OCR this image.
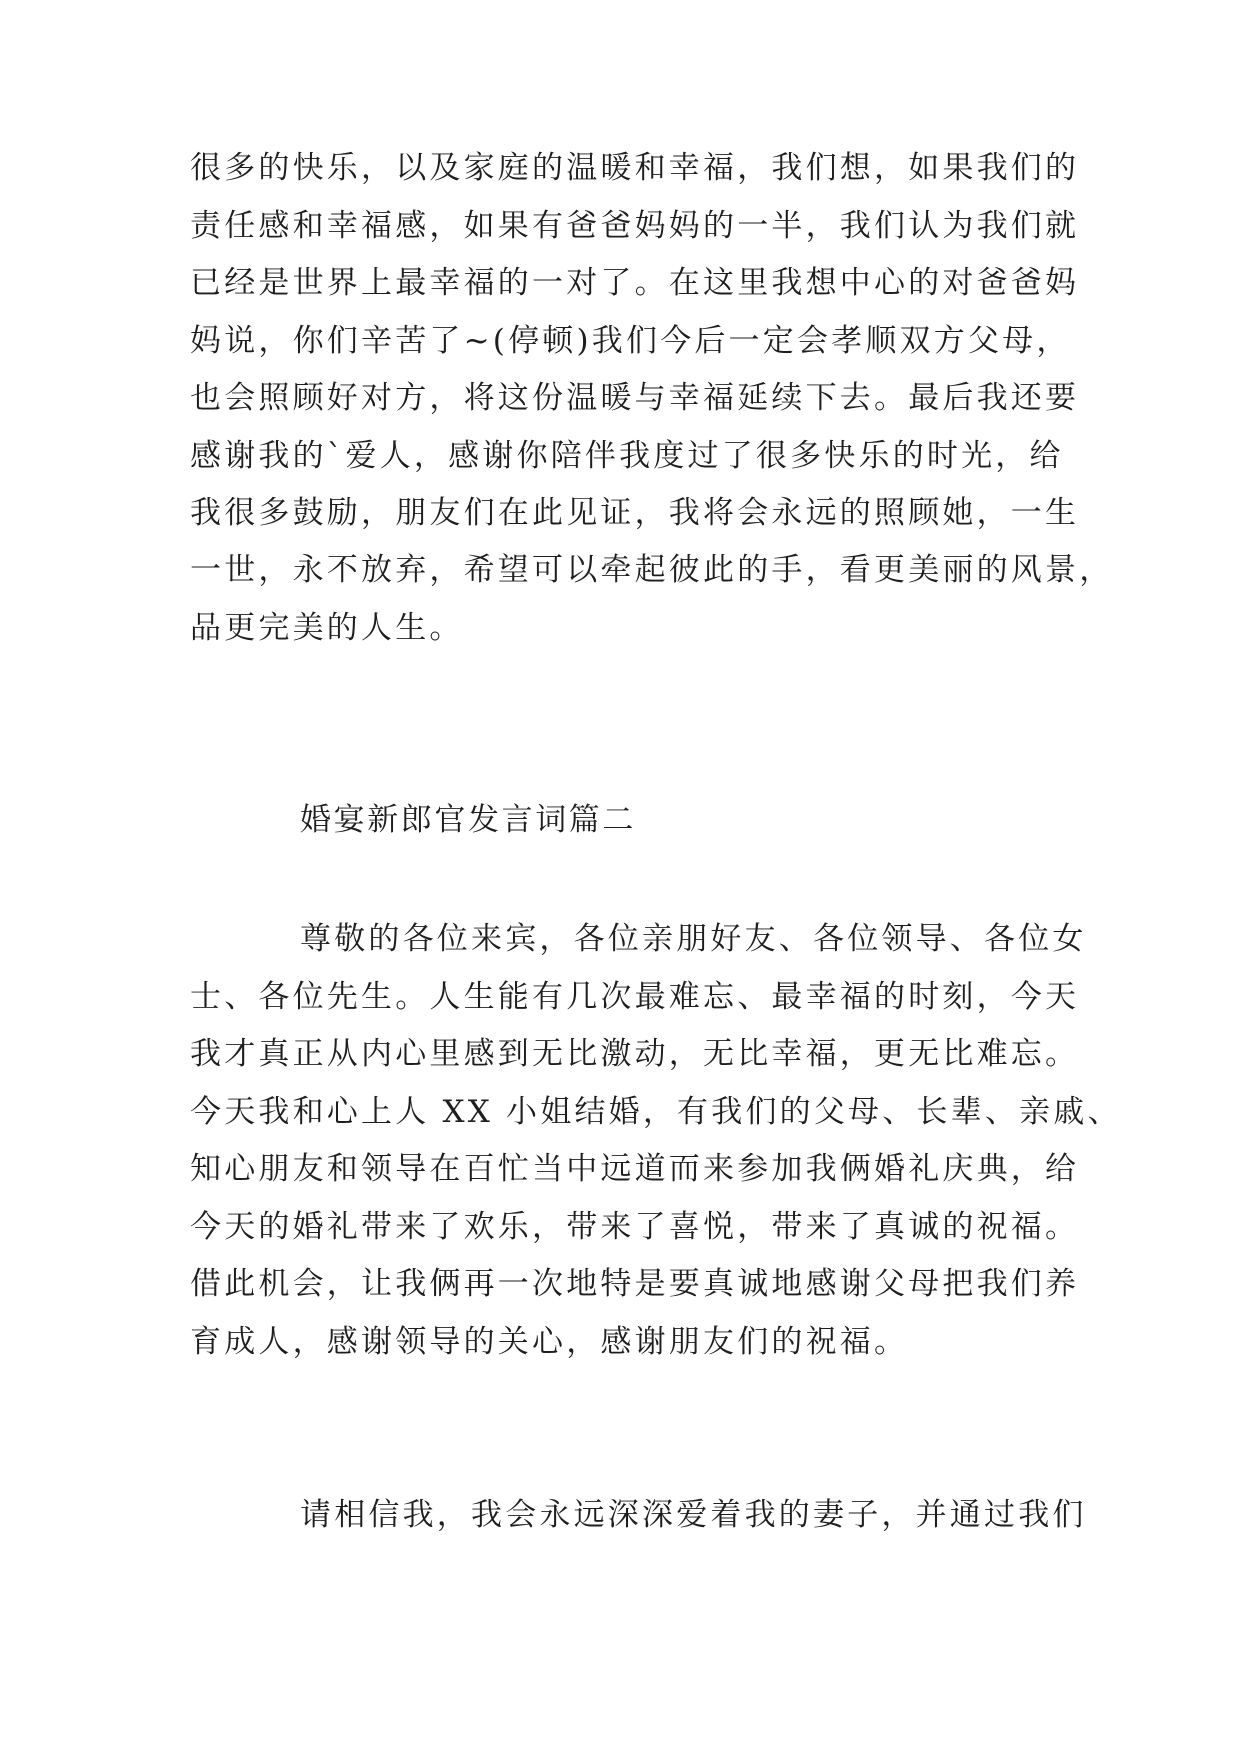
很多的快乐，以及家庭的温暖和幸福，我们想，如果我们的
责任感和幸福感，如果有爸爸妈妈的一半，我们认为我们就
已经是世界上最幸福的一对了。在这里我想中心的对爸爸妈
妈说，你们辛苦了~(停顿)我们今后一定会孝顺双方父母，
也会照顾好对方，将这份温暖与幸福延续下去。最后我还要
感谢我的`爱人，感谢你陪伴我度过了很多快乐的时光，给
我很多鼓励，朋友们在此见证，我将会永远的照顾她，一生
一世，永不放弃，希望可以牵起彼此的手，看更美丽的风景，
品更完美的人生。
婚宴新郎官发言词篇二
尊敬的各位来宾，各位亲朋好友、各位领导、各位女
士、各位先生。人生能有几次最难忘、最幸福的时刻，今天
我才真正从内心里感到无比激动，无比幸福，更无比难忘。
今天我和心上人 XX 小姐结婚，有我们的父母、长辈、亲戚、
知心朋友和领导在百忙当中远道而来参加我俩婚礼庆典，给
今天的婚礼带来了欢乐，带来了喜悦，带来了真诚的祝福。
借此机会，让我俩再一次地特是要真诚地感谢父母把我们养
育成人，感谢领导的关心，感谢朋友们的祝福。
请相信我，我会永远深深爱着我的妻子，并通过我们
